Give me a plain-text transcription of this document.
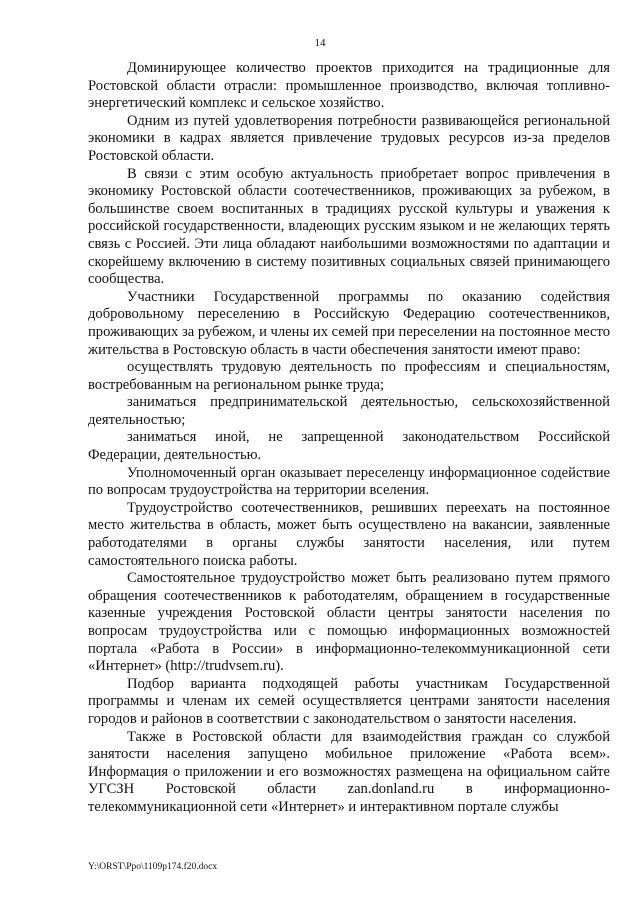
14

Доминирующее количество проектов приходится на традиционные для Ростовской области отрасли: промышленное производство, включая топливно-энергетический комплекс и сельское хозяйство.

Одним из путей удовлетворения потребности развивающейся региональной экономики в кадрах является привлечение трудовых ресурсов из-за пределов Ростовской области.

В связи с этим особую актуальность приобретает вопрос привлечения в экономику Ростовской области соотечественников, проживающих за рубежом, в большинстве своем воспитанных в традициях русской культуры и уважения к российской государственности, владеющих русским языком и не желающих терять связь с Россией. Эти лица обладают наибольшими возможностями по адаптации и скорейшему включению в систему позитивных социальных связей принимающего сообщества.

Участники Государственной программы по оказанию содействия добровольному переселению в Российскую Федерацию соотечественников, проживающих за рубежом, и члены их семей при переселении на постоянное место жительства в Ростовскую область в части обеспечения занятости имеют право:

осуществлять трудовую деятельность по профессиям и специальностям, востребованным на региональном рынке труда;

заниматься предпринимательской деятельностью, сельскохозяйственной деятельностью;

заниматься иной, не запрещенной законодательством Российской Федерации, деятельностью.

Уполномоченный орган оказывает переселенцу информационное содействие по вопросам трудоустройства на территории вселения.

Трудоустройство соотечественников, решивших переехать на постоянное место жительства в область, может быть осуществлено на вакансии, заявленные работодателями в органы службы занятости населения, или путем самостоятельного поиска работы.

Самостоятельное трудоустройство может быть реализовано путем прямого обращения соотечественников к работодателям, обращением в государственные казенные учреждения Ростовской области центры занятости населения по вопросам трудоустройства или с помощью информационных возможностей портала «Работа в России» в информационно-телекоммуникационной сети «Интернет» (http://trudvsem.ru).

Подбор варианта подходящей работы участникам Государственной программы и членам их семей осуществляется центрами занятости населения городов и районов в соответствии с законодательством о занятости населения.

Также в Ростовской области для взаимодействия граждан со службой занятости населения запущено мобильное приложение «Работа всем». Информация о приложении и его возможностях размещена на официальном сайте УГСЗН Ростовской области zan.donland.ru в информационно-телекоммуникационной сети «Интернет» и интерактивном портале службы

Y:\ORST\Ppo\1109p174.f20.docx
